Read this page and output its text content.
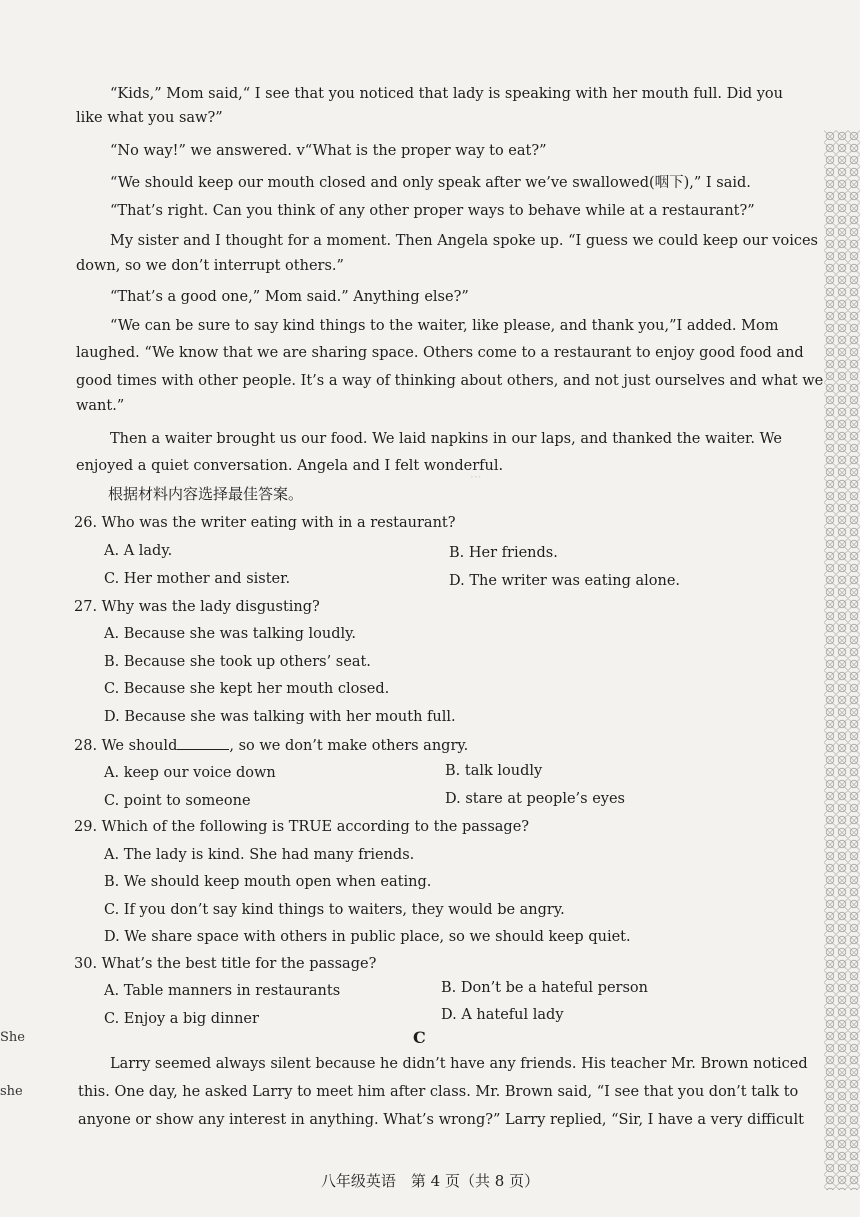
···
“Kids,” Mom said,“ I see that you noticed that lady is speaking with her mouth full. Did you
like what you saw?”
“No way!” we answered. v“What is the proper way to eat?”
“We should keep our mouth closed and only speak after we’ve swallowed(咽下),” I said.
“That’s right. Can you think of any other proper ways to behave while at a restaurant?”
My sister and I thought for a moment. Then Angela spoke up. “I guess we could keep our voices
down, so we don’t interrupt others.”
“That’s a good one,” Mom said.” Anything else?”
“We can be sure to say kind things to the waiter, like please, and thank you,”I added. Mom
laughed. “We know that we are sharing space. Others come to a restaurant to enjoy good food and
good times with other people. It’s a way of thinking about others, and not just ourselves and what we
want.”
Then a waiter brought us our food. We laid napkins in our laps, and thanked the waiter. We
enjoyed a quiet conversation. Angela and I felt wonderful.
根据材料内容选择最佳答案。
26. Who was the writer eating with in a restaurant?
A. A lady.	B. Her friends.
C. Her mother and sister.	D. The writer was eating alone.
27. Why was the lady disgusting?
A. Because she was talking loudly.
B. Because she took up others’ seat.
C. Because she kept her mouth closed.
D. Because she was talking with her mouth full.
28. We should	, so we don’t make others angry.
A. keep our voice down	B. talk loudly
C. point to someone	D. stare at people’s eyes
29. Which of the following is TRUE according to the passage?
A. The lady is kind. She had many friends.
B. We should keep mouth open when eating.
C. If you don’t say kind things to waiters, they would be angry.
D. We share space with others in public place, so we should keep quiet.
30. What’s the best title for the passage?
A. Table manners in restaurants	B. Don’t be a hateful person
C. Enjoy a big dinner	D. A hateful lady
C
Larry seemed always silent because he didn’t have any friends. His teacher Mr. Brown noticed
this. One day, he asked Larry to meet him after class. Mr. Brown said, “I see that you don’t talk to
anyone or show any interest in anything. What’s wrong?” Larry replied, “Sir, I have a very difficult
She
she
八年级英语　第 4 页（共 8 页）
